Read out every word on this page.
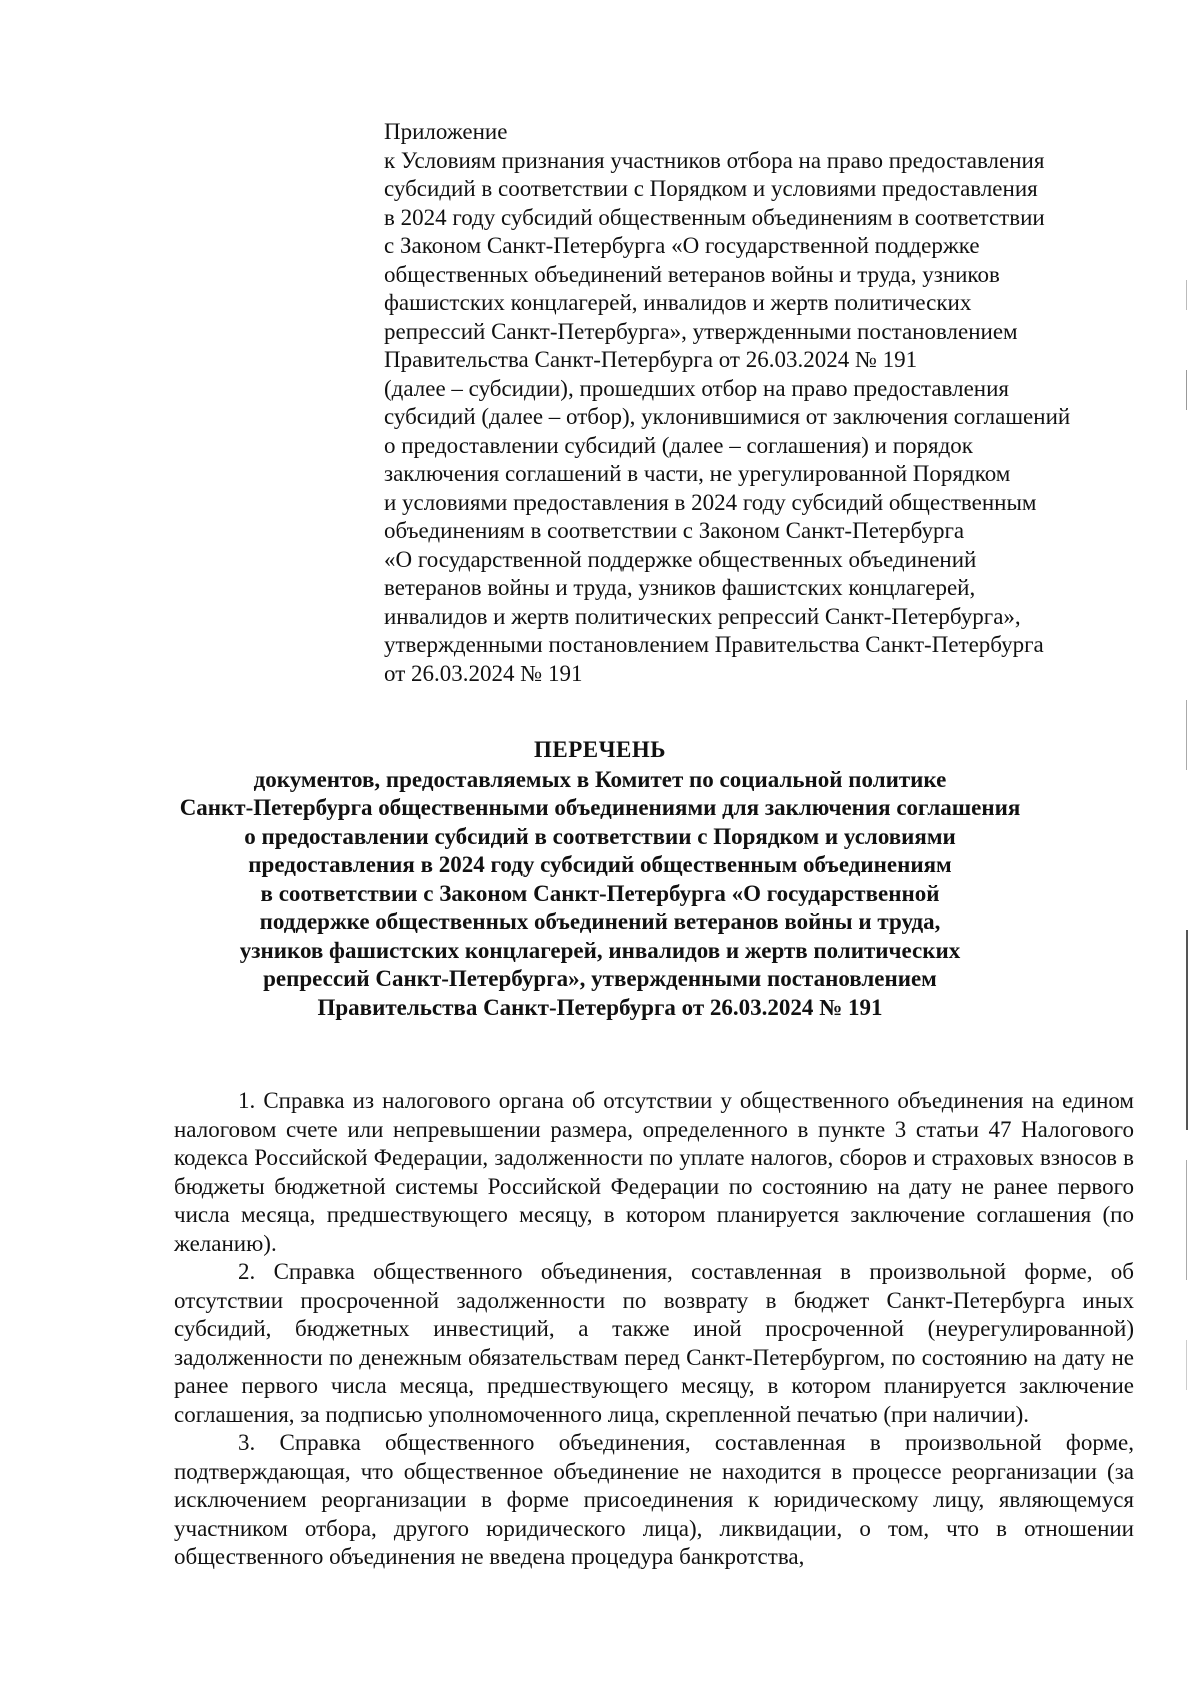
Приложение
к Условиям признания участников отбора на право предоставления
субсидий в соответствии с Порядком и условиями предоставления
в 2024 году субсидий общественным объединениям в соответствии
с Законом Санкт-Петербурга «О государственной поддержке
общественных объединений ветеранов войны и труда, узников
фашистских концлагерей, инвалидов и жертв политических
репрессий Санкт-Петербурга», утвержденными постановлением
Правительства Санкт-Петербурга от 26.03.2024 № 191
(далее – субсидии), прошедших отбор на право предоставления
субсидий (далее – отбор), уклонившимися от заключения соглашений
о предоставлении субсидий (далее – соглашения) и порядок
заключения соглашений в части, не урегулированной Порядком
и условиями предоставления в 2024 году субсидий общественным
объединениям в соответствии с Законом Санкт-Петербурга
«О государственной поддержке общественных объединений
ветеранов войны и труда, узников фашистских концлагерей,
инвалидов и жертв политических репрессий Санкт-Петербурга»,
утвержденными постановлением Правительства Санкт-Петербурга
от 26.03.2024 № 191
ПЕРЕЧЕНЬ
документов, предоставляемых в Комитет по социальной политике
Санкт-Петербурга общественными объединениями для заключения соглашения
о предоставлении субсидий в соответствии с Порядком и условиями
предоставления в 2024 году субсидий общественным объединениям
в соответствии с Законом Санкт-Петербурга «О государственной
поддержке общественных объединений ветеранов войны и труда,
узников фашистских концлагерей, инвалидов и жертв политических
репрессий Санкт-Петербурга», утвержденными постановлением
Правительства Санкт-Петербурга от 26.03.2024 № 191

1. Справка из налогового органа об отсутствии у общественного объединения на едином налоговом счете или непревышении размера, определенного в пункте 3 статьи 47 Налогового кодекса Российской Федерации, задолженности по уплате налогов, сборов и страховых взносов в бюджеты бюджетной системы Российской Федерации по состоянию на дату не ранее первого числа месяца, предшествующего месяцу, в котором планируется заключение соглашения (по желанию).

2. Справка общественного объединения, составленная в произвольной форме, об отсутствии просроченной задолженности по возврату в бюджет Санкт-Петербурга иных субсидий, бюджетных инвестиций, а также иной просроченной (неурегулированной) задолженности по денежным обязательствам перед Санкт-Петербургом, по состоянию на дату не ранее первого числа месяца, предшествующего месяцу, в котором планируется заключение соглашения, за подписью уполномоченного лица, скрепленной печатью (при наличии).

3. Справка общественного объединения, составленная в произвольной форме, подтверждающая, что общественное объединение не находится в процессе реорганизации (за исключением реорганизации в форме присоединения к юридическому лицу, являющемуся участником отбора, другого юридического лица), ликвидации, о том, что в отношении общественного объединения не введена процедура банкротства,
